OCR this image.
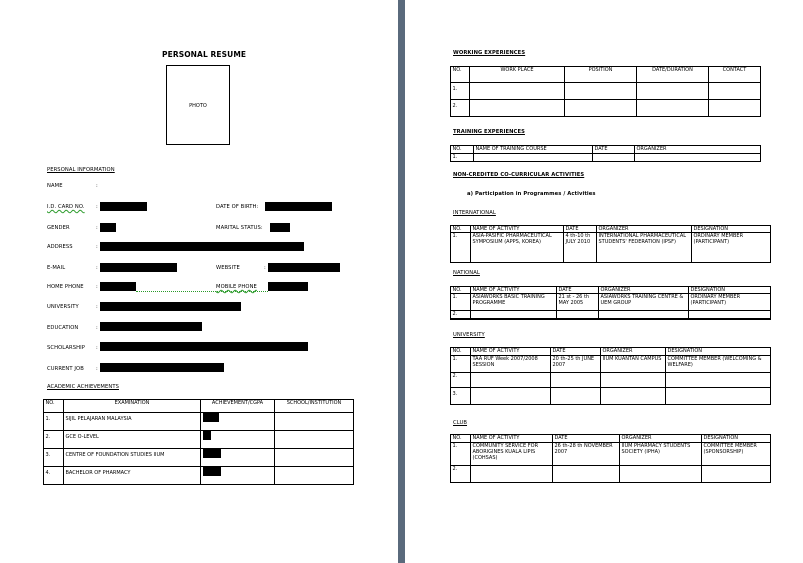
PERSONAL RESUME
PHOTO
PERSONAL INFORMATION
NAME	:
I.D. CARD NO. :	DATE OF BIRTH:
GENDER	:	MARITAL STATUS:
ADDRESS	:
E-MAIL	:	WEBSITE	:
HOME PHONE :	MOBILE PHONE
UNIVERSITY	:
EDUCATION	:
SCHOLARSHIP :
CURRENT JOB :
ACADEMIC ACHIEVEMENTS
NO.	EXAMINATION	ACHIEVEMENT/CGPA	SCHOOL/INSTITUTION
1.	SIJIL PELAJARAN MALAYSIA		
2.	GCE O-LEVEL		
3.	CENTRE OF FOUNDATION STUDIES IIUM		
4.	BACHELOR OF PHARMACY		
WORKING EXPERIENCES
NO.	WORK PLACE	POSITION	DATE/DURATION	CONTACT
1.				
2.				
TRAINING EXPERIENCES
NO.	NAME OF TRAINING COURSE	DATE	ORGANIZER
1.			
NON-CREDITED CO-CURRICULAR ACTIVITIES
a) Participation in Programmes / Activities
INTERNATIONAL
NO.	NAME OF ACTIVITY	DATE	ORGANIZER	DESIGNATION
1.	ASIA-PASIFIC PHARMACEUTICAL SYMPOSIUM (APPS, KOREA)	4 th-10 th JULY 2010	INTERNATIONAL PHARMACEUTICAL STUDENTS' FEDERATION (IPSF)	ORDINARY MEMBER (PARTICIPANT)
NATIONAL
NO.	NAME OF ACTIVITY	DATE	ORGANIZER	DESIGNATION
1.	ASIAWORKS BASIC TRAINING PROGRAMME	21 st - 26 th MAY 2005	ASIAWORKS TRAINING CENTRE & UEM GROUP	ORDINARY MEMBER (PARTICIPANT)
2.				
UNIVERSITY
NO.	NAME OF ACTIVITY	DATE	ORGANIZER	DESIGNATION
1.	TAA RUF Week 2007/2008 SESSION	20 th-25 th JUNE 2007	IIUM KUANTAN CAMPUS	COMMITTEE MEMBER (WELCOMING & WELFARE)
2.				
3.				
CLUB
NO.	NAME OF ACTIVITY	DATE	ORGANIZER	DESIGNATION
1.	COMMUNITY SERVICE FOR ABORIGINES KUALA LIPIS (COHSAS)	26 th-28 th NOVEMBER 2007	IIUM PHARMACY STUDENTS SOCIETY (IPHA)	COMMITTEE MEMBER (SPONSORSHIP)
2.				
